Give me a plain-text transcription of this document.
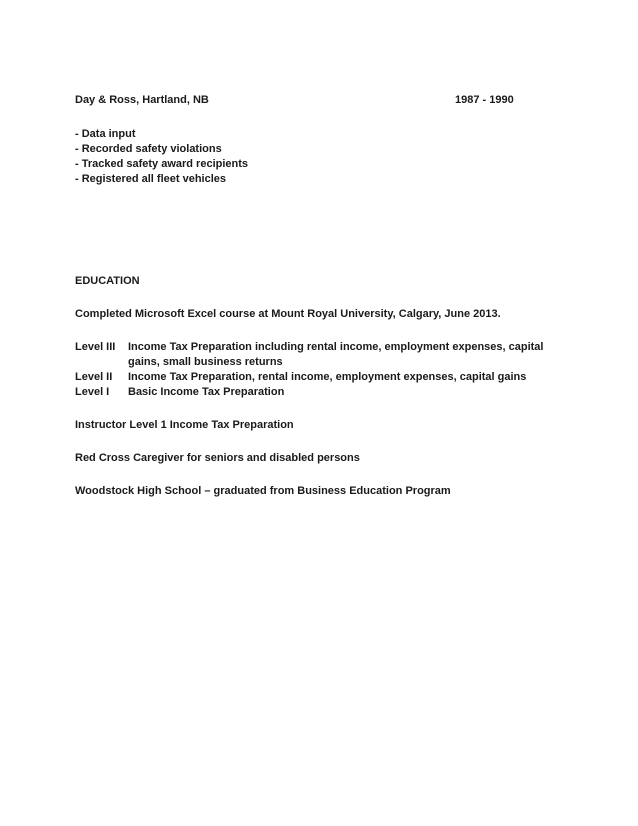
Day & Ross, Hartland, NB	1987 - 1990
- Data input
- Recorded safety violations
- Tracked safety award recipients
- Registered all fleet vehicles
EDUCATION
Completed Microsoft Excel course at Mount Royal University, Calgary, June 2013.
Level III Income Tax Preparation including rental income, employment expenses, capital
gains, small business returns
Level II Income Tax Preparation, rental income, employment expenses, capital gains
Level I Basic Income Tax Preparation
Instructor Level 1 Income Tax Preparation
Red Cross Caregiver for seniors and disabled persons
Woodstock High School – graduated from Business Education Program
